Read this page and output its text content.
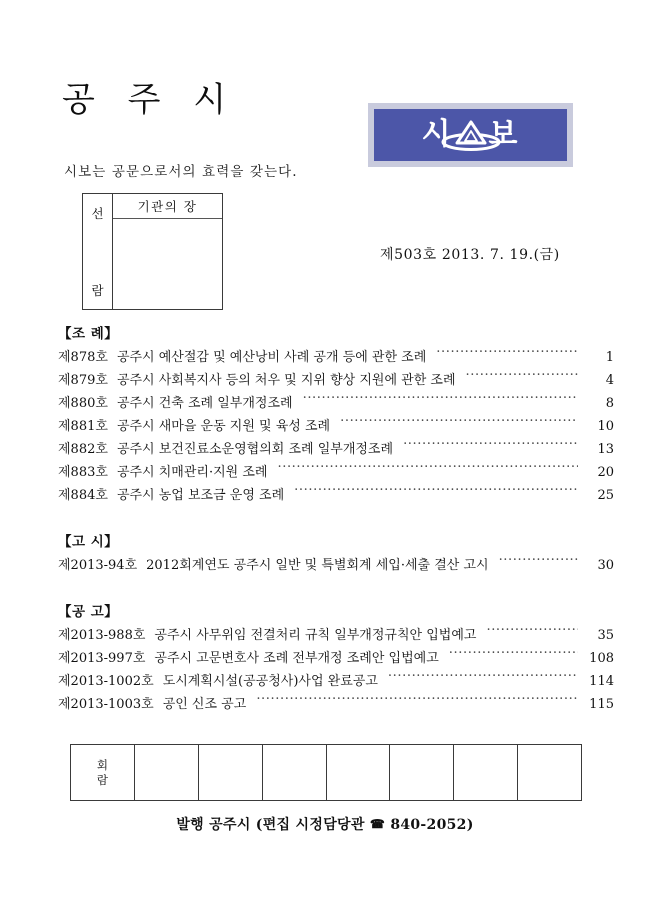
공 주 시
시보는 공문으로서의 효력을 갖는다.
시 보
선
람
기관의 장
제503호 2013. 7. 19.(금)
【조 례】
제878호 공주시 예산절감 및 예산낭비 사례 공개 등에 관한 조례 .....	1
제879호 공주시 사회복지사 등의 처우 및 지위 향상 지원에 관한 조례 .....	4
제880호 공주시 건축 조례 일부개정조례 .....	8
제881호 공주시 새마을 운동 지원 및 육성 조례 .....	10
제882호 공주시 보건진료소운영협의회 조례 일부개정조례 .....	13
제883호 공주시 치매관리·지원 조례 .....	20
제884호 공주시 농업 보조금 운영 조례 .....	25
【고 시】
제2013-94호 2012회계연도 공주시 일반 및 특별회계 세입·세출 결산 고시 .....	30
【공 고】
제2013-988호 공주시 사무위임 전결처리 규칙 일부개정규칙안 입법예고 .....	35
제2013-997호 공주시 고문변호사 조례 전부개정 조례안 입법예고 .....	108
제2013-1002호 도시계획시설(공공청사)사업 완료공고 .....	114
제2013-1003호 공인 신조 공고 .....	115
회
람
발행 공주시 (편집 시정담당관 ☎ 840-2052)
